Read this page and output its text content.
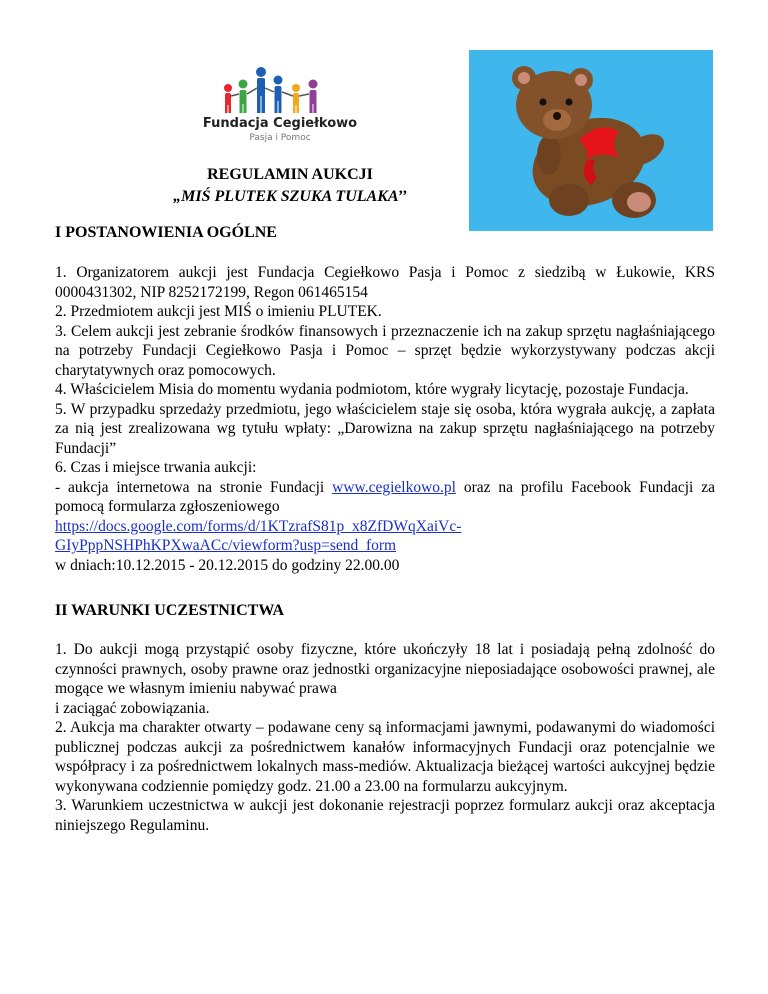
Fundacja Cegiełkowo
Pasja i Pomoc
REGULAMIN AUKCJI
„MIŚ PLUTEK SZUKA TULAKA’’
I POSTANOWIENIA OGÓLNE

1. Organizatorem aukcji jest Fundacja Cegiełkowo Pasja i Pomoc z siedzibą w Łukowie, KRS 0000431302, NIP 8252172199, Regon 061465154

2. Przedmiotem aukcji jest MIŚ o imieniu PLUTEK.

3. Celem aukcji jest zebranie środków finansowych i przeznaczenie ich na zakup sprzętu nagłaśniającego na potrzeby Fundacji Cegiełkowo Pasja i Pomoc – sprzęt będzie wykorzystywany podczas akcji charytatywnych oraz pomocowych.

4. Właścicielem Misia do momentu wydania podmiotom, które wygrały licytację, pozostaje Fundacja.

5. W przypadku sprzedaży przedmiotu, jego właścicielem staje się osoba, która wygrała aukcję, a zapłata za nią jest zrealizowana wg tytułu wpłaty: „Darowizna na zakup sprzętu nagłaśniającego na potrzeby Fundacji”

6. Czas i miejsce trwania aukcji:

- aukcja internetowa na stronie Fundacji www.cegielkowo.pl oraz na profilu Facebook Fundacji za pomocą formularza zgłoszeniowego

https://docs.google.com/forms/d/1KTzrafS81p_x8ZfDWqXaiVc-

GIyPppNSHPhKPXwaACc/viewform?usp=send_form

w dniach:10.12.2015 - 20.12.2015 do godziny 22.00.00

II WARUNKI UCZESTNICTWA

1. Do aukcji mogą przystąpić osoby fizyczne, które ukończyły 18 lat i posiadają pełną zdolność do czynności prawnych, osoby prawne oraz jednostki organizacyjne nieposiadające osobowości prawnej, ale mogące we własnym imieniu nabywać prawa

i zaciągać zobowiązania.

2. Aukcja ma charakter otwarty – podawane ceny są informacjami jawnymi, podawanymi do wiadomości publicznej podczas aukcji za pośrednictwem kanałów informacyjnych Fundacji oraz potencjalnie we współpracy i za pośrednictwem lokalnych mass-mediów. Aktualizacja bieżącej wartości aukcyjnej będzie wykonywana codziennie pomiędzy godz. 21.00 a 23.00 na formularzu aukcyjnym.

3. Warunkiem uczestnictwa w aukcji jest dokonanie rejestracji poprzez formularz aukcji oraz akceptacja niniejszego Regulaminu.
